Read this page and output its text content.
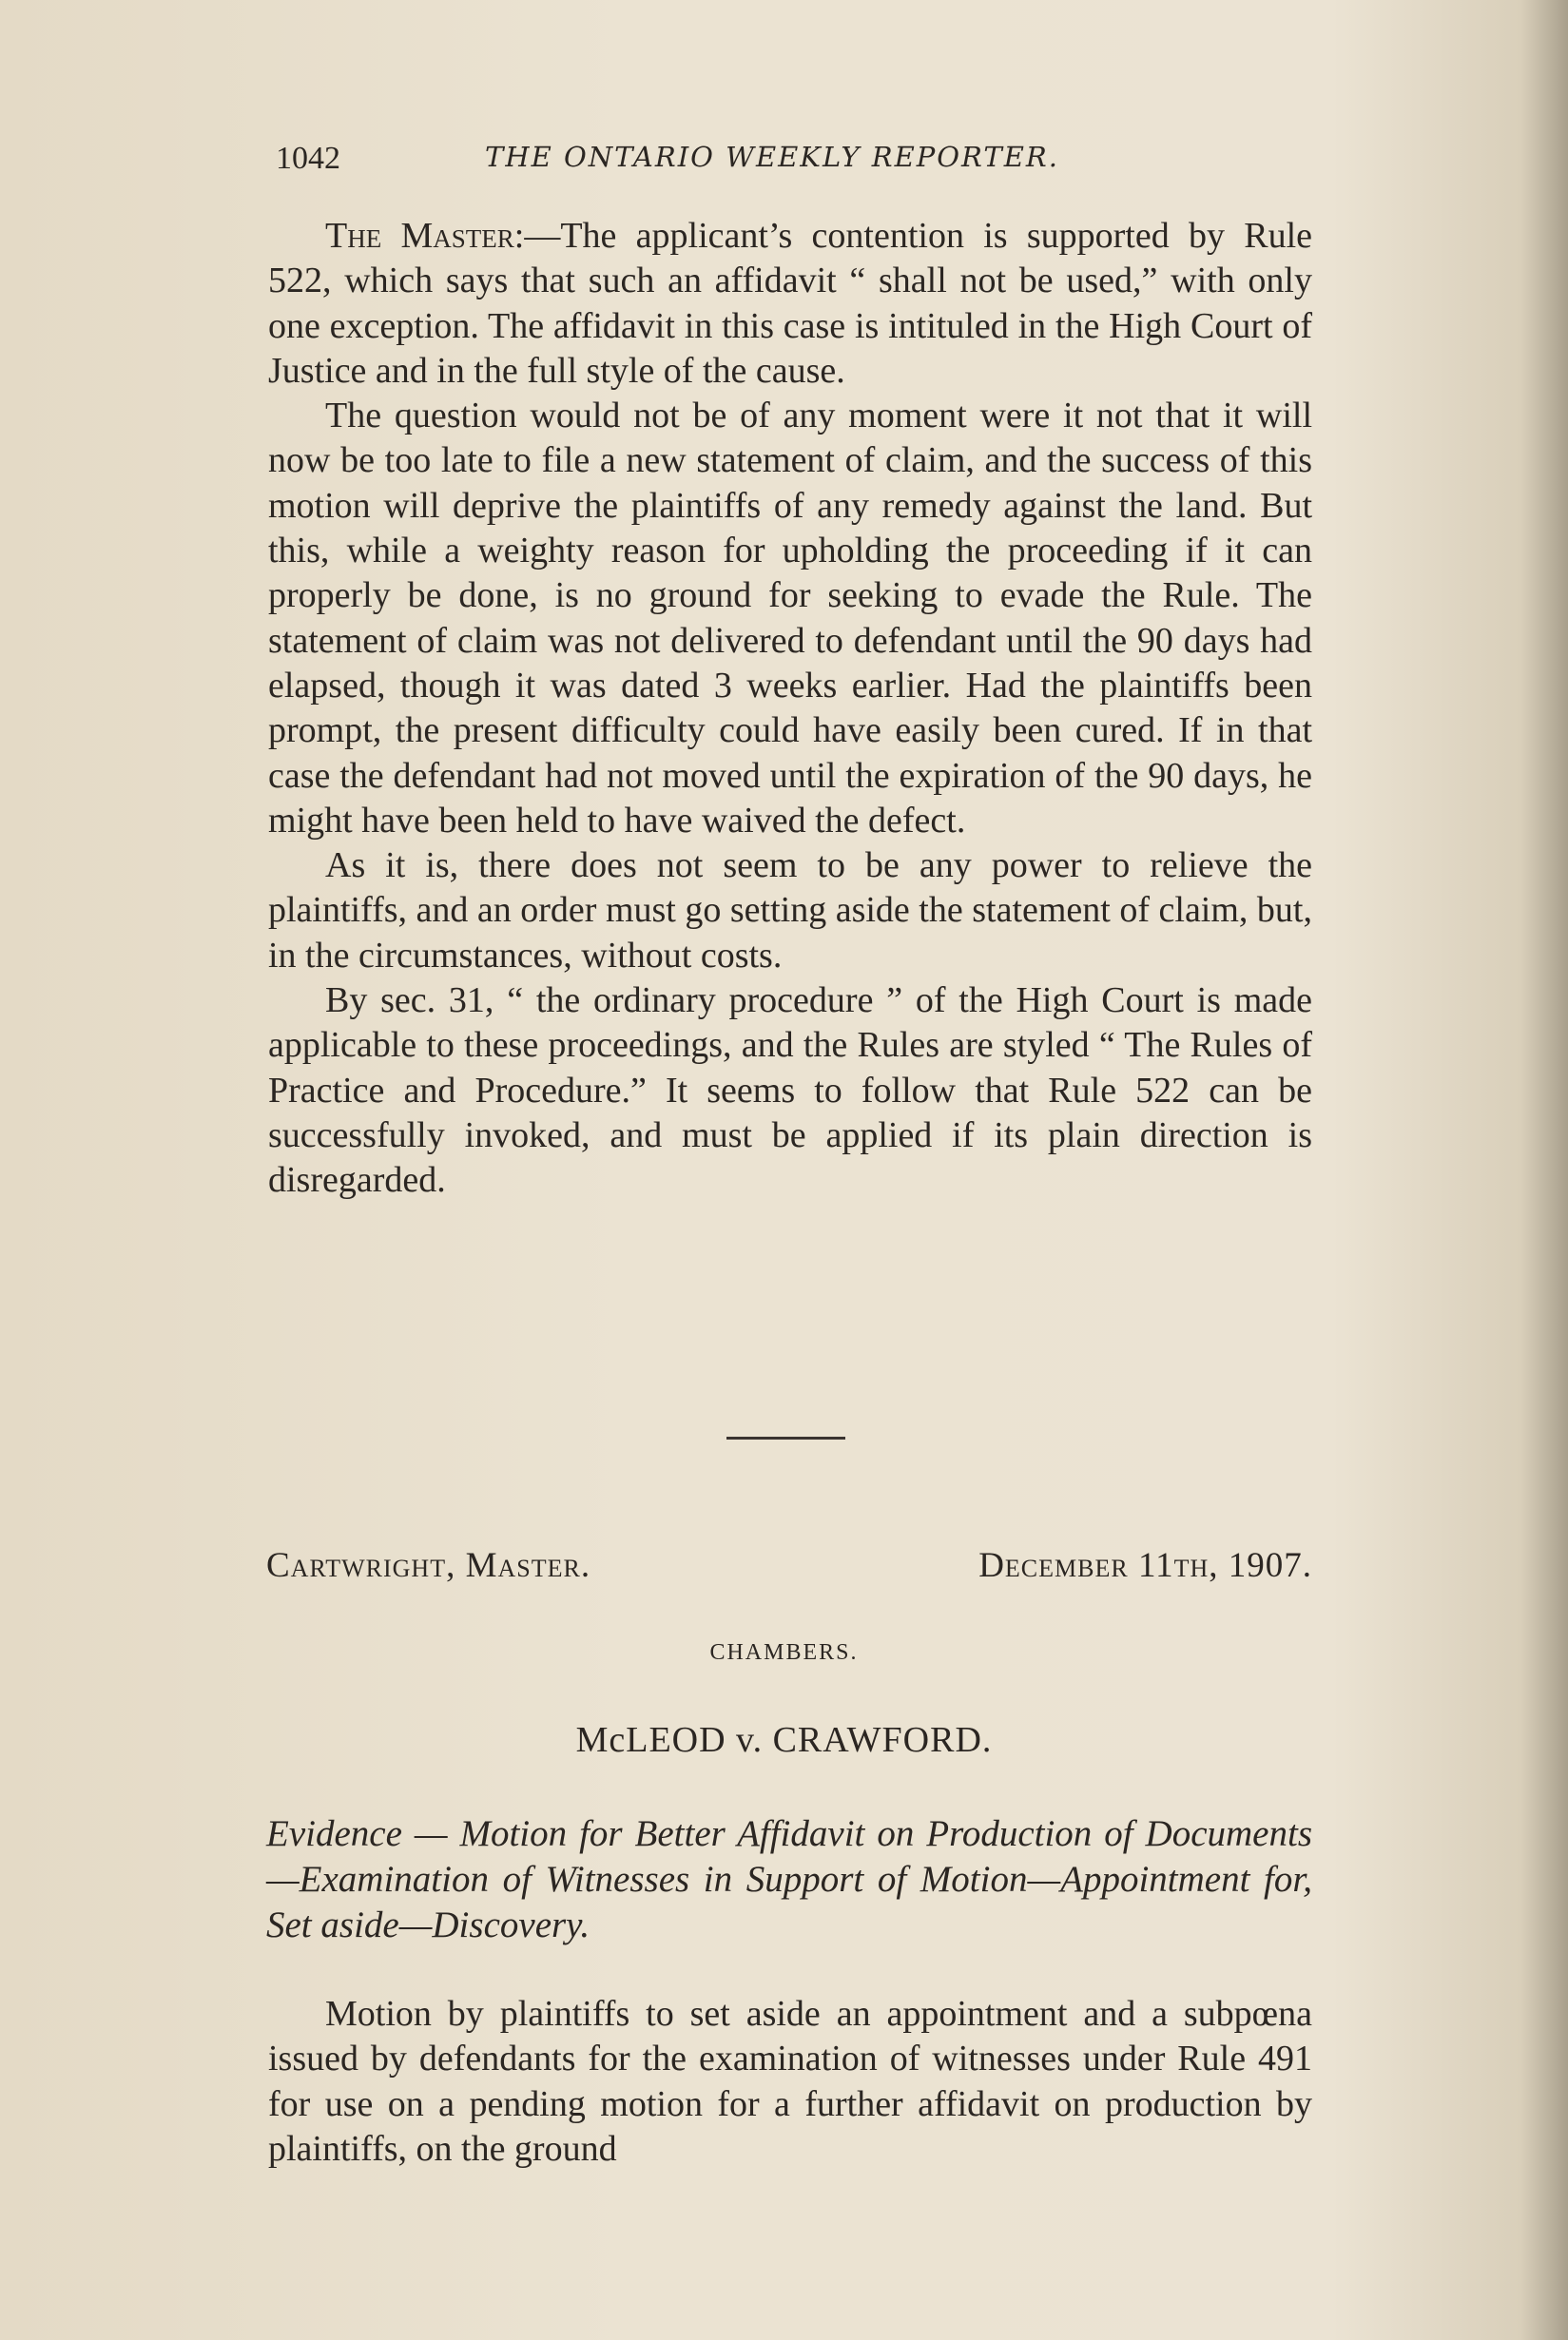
1042	THE ONTARIO WEEKLY REPORTER.

The Master:—The applicant’s contention is supported by Rule 522, which says that such an affidavit “ shall not be used,” with only one exception. The affidavit in this case is intituled in the High Court of Justice and in the full style of the cause.

The question would not be of any moment were it not that it will now be too late to file a new statement of claim, and the success of this motion will deprive the plaintiffs of any remedy against the land. But this, while a weighty reason for upholding the proceeding if it can properly be done, is no ground for seeking to evade the Rule. The statement of claim was not delivered to defendant until the 90 days had elapsed, though it was dated 3 weeks earlier. Had the plaintiffs been prompt, the present difficulty could have easily been cured. If in that case the defendant had not moved until the expiration of the 90 days, he might have been held to have waived the defect.

As it is, there does not seem to be any power to relieve the plaintiffs, and an order must go setting aside the statement of claim, but, in the circumstances, without costs.

By sec. 31, “ the ordinary procedure ” of the High Court is made applicable to these proceedings, and the Rules are styled “ The Rules of Practice and Procedure.” It seems to follow that Rule 522 can be successfully invoked, and must be applied if its plain direction is disregarded.

Cartwright, Master.	December 11th, 1907.
CHAMBERS.
McLEOD v. CRAWFORD.
Evidence — Motion for Better Affidavit on Production of Documents—Examination of Witnesses in Support of Motion—Appointment for, Set aside—Discovery.
Motion by plaintiffs to set aside an appointment and a subpœna issued by defendants for the examination of witnesses under Rule 491 for use on a pending motion for a further affidavit on production by plaintiffs, on the ground
